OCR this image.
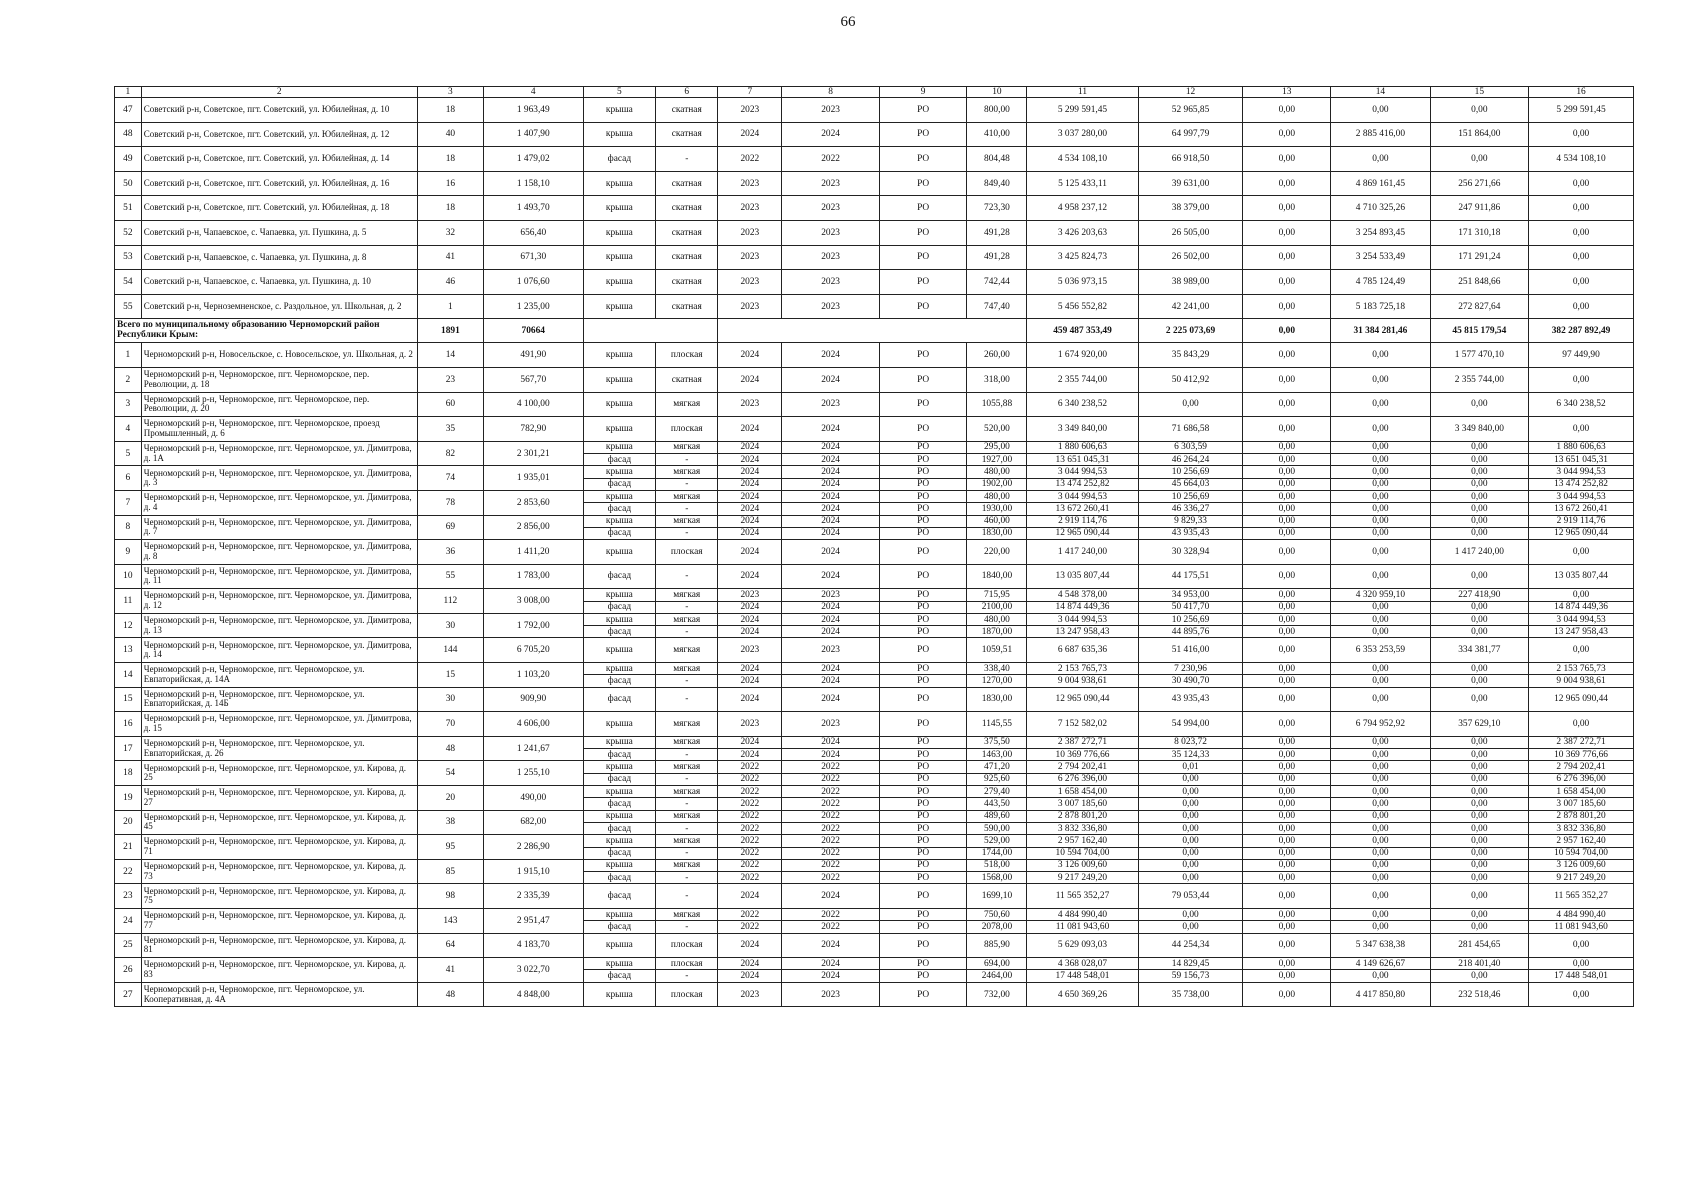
66
1	2	3	4	5	6	7	8	9	10	11	12	13	14	15	16
47	Советский р-н, Советское, пгт. Советский, ул. Юбилейная, д. 10	18	1 963,49	крыша	скатная	2023	2023	РО	800,00	5 299 591,45	52 965,85	0,00	0,00	0,00	5 299 591,45
48	Советский р-н, Советское, пгт. Советский, ул. Юбилейная, д. 12	40	1 407,90	крыша	скатная	2024	2024	РО	410,00	3 037 280,00	64 997,79	0,00	2 885 416,00	151 864,00	0,00
49	Советский р-н, Советское, пгт. Советский, ул. Юбилейная, д. 14	18	1 479,02	фасад	-	2022	2022	РО	804,48	4 534 108,10	66 918,50	0,00	0,00	0,00	4 534 108,10
50	Советский р-н, Советское, пгт. Советский, ул. Юбилейная, д. 16	16	1 158,10	крыша	скатная	2023	2023	РО	849,40	5 125 433,11	39 631,00	0,00	4 869 161,45	256 271,66	0,00
51	Советский р-н, Советское, пгт. Советский, ул. Юбилейная, д. 18	18	1 493,70	крыша	скатная	2023	2023	РО	723,30	4 958 237,12	38 379,00	0,00	4 710 325,26	247 911,86	0,00
52	Советский р-н, Чапаевское, с. Чапаевка, ул. Пушкина, д. 5	32	656,40	крыша	скатная	2023	2023	РО	491,28	3 426 203,63	26 505,00	0,00	3 254 893,45	171 310,18	0,00
53	Советский р-н, Чапаевское, с. Чапаевка, ул. Пушкина, д. 8	41	671,30	крыша	скатная	2023	2023	РО	491,28	3 425 824,73	26 502,00	0,00	3 254 533,49	171 291,24	0,00
54	Советский р-н, Чапаевское, с. Чапаевка, ул. Пушкина, д. 10	46	1 076,60	крыша	скатная	2023	2023	РО	742,44	5 036 973,15	38 989,00	0,00	4 785 124,49	251 848,66	0,00
55	Советский р-н, Черноземненское, с. Раздольное, ул. Школьная, д. 2	1	1 235,00	крыша	скатная	2023	2023	РО	747,40	5 456 552,82	42 241,00	0,00	5 183 725,18	272 827,64	0,00
Всего по муниципальному образованию Черноморский район Республики Крым:		1891	70664							459 487 353,49	2 225 073,69	0,00	31 384 281,46	45 815 179,54	382 287 892,49
1	Черноморский р-н, Новосельское, с. Новосельское, ул. Школьная, д. 2	14	491,90	крыша	плоская	2024	2024	РО	260,00	1 674 920,00	35 843,29	0,00	0,00	1 577 470,10	97 449,90
2	Черноморский р-н, Черноморское, пгт. Черноморское, пер. Революции, д. 18	23	567,70	крыша	скатная	2024	2024	РО	318,00	2 355 744,00	50 412,92	0,00	0,00	2 355 744,00	0,00
3	Черноморский р-н, Черноморское, пгт. Черноморское, пер. Революции, д. 20	60	4 100,00	крыша	мягкая	2023	2023	РО	1055,88	6 340 238,52	0,00	0,00	0,00	0,00	6 340 238,52
4	Черноморский р-н, Черноморское, пгт. Черноморское, проезд Промышленный, д. 6	35	782,90	крыша	плоская	2024	2024	РО	520,00	3 349 840,00	71 686,58	0,00	0,00	3 349 840,00	0,00
5	Черноморский р-н, Черноморское, пгт. Черноморское, ул. Димитрова, д. 1А	82	2 301,21	крыша	мягкая	2024	2024	РО	295,00	1 880 606,63	6 303,59	0,00	0,00	0,00	1 880 606,63
				фасад	-	2024	2024	РО	1927,00	13 651 045,31	46 264,24	0,00	0,00	0,00	13 651 045,31
6	Черноморский р-н, Черноморское, пгт. Черноморское, ул. Димитрова, д. 3	74	1 935,01	крыша	мягкая	2024	2024	РО	480,00	3 044 994,53	10 256,69	0,00	0,00	0,00	3 044 994,53
				фасад	-	2024	2024	РО	1902,00	13 474 252,82	45 664,03	0,00	0,00	0,00	13 474 252,82
7	Черноморский р-н, Черноморское, пгт. Черноморское, ул. Димитрова, д. 4	78	2 853,60	крыша	мягкая	2024	2024	РО	480,00	3 044 994,53	10 256,69	0,00	0,00	0,00	3 044 994,53
				фасад	-	2024	2024	РО	1930,00	13 672 260,41	46 336,27	0,00	0,00	0,00	13 672 260,41
8	Черноморский р-н, Черноморское, пгт. Черноморское, ул. Димитрова, д. 7	69	2 856,00	крыша	мягкая	2024	2024	РО	460,00	2 919 114,76	9 829,33	0,00	0,00	0,00	2 919 114,76
				фасад	-	2024	2024	РО	1830,00	12 965 090,44	43 935,43	0,00	0,00	0,00	12 965 090,44
9	Черноморский р-н, Черноморское, пгт. Черноморское, ул. Димитрова, д. 8	36	1 411,20	крыша	плоская	2024	2024	РО	220,00	1 417 240,00	30 328,94	0,00	0,00	1 417 240,00	0,00
10	Черноморский р-н, Черноморское, пгт. Черноморское, ул. Димитрова, д. 11	55	1 783,00	фасад	-	2024	2024	РО	1840,00	13 035 807,44	44 175,51	0,00	0,00	0,00	13 035 807,44
11	Черноморский р-н, Черноморское, пгт. Черноморское, ул. Димитрова, д. 12	112	3 008,00	крыша	мягкая	2023	2023	РО	715,95	4 548 378,00	34 953,00	0,00	4 320 959,10	227 418,90	0,00
				фасад	-	2024	2024	РО	2100,00	14 874 449,36	50 417,70	0,00	0,00	0,00	14 874 449,36
12	Черноморский р-н, Черноморское, пгт. Черноморское, ул. Димитрова, д. 13	30	1 792,00	крыша	мягкая	2024	2024	РО	480,00	3 044 994,53	10 256,69	0,00	0,00	0,00	3 044 994,53
				фасад	-	2024	2024	РО	1870,00	13 247 958,43	44 895,76	0,00	0,00	0,00	13 247 958,43
13	Черноморский р-н, Черноморское, пгт. Черноморское, ул. Димитрова, д. 14	144	6 705,20	крыша	мягкая	2023	2023	РО	1059,51	6 687 635,36	51 416,00	0,00	6 353 253,59	334 381,77	0,00
14	Черноморский р-н, Черноморское, пгт. Черноморское, ул. Евпаторийская, д. 14А	15	1 103,20	крыша	мягкая	2024	2024	РО	338,40	2 153 765,73	7 230,96	0,00	0,00	0,00	2 153 765,73
				фасад	-	2024	2024	РО	1270,00	9 004 938,61	30 490,70	0,00	0,00	0,00	9 004 938,61
15	Черноморский р-н, Черноморское, пгт. Черноморское, ул. Евпаторийская, д. 14Б	30	909,90	фасад	-	2024	2024	РО	1830,00	12 965 090,44	43 935,43	0,00	0,00	0,00	12 965 090,44
16	Черноморский р-н, Черноморское, пгт. Черноморское, ул. Димитрова, д. 15	70	4 606,00	крыша	мягкая	2023	2023	РО	1145,55	7 152 582,02	54 994,00	0,00	6 794 952,92	357 629,10	0,00
17	Черноморский р-н, Черноморское, пгт. Черноморское, ул. Евпаторийская, д. 26	48	1 241,67	крыша	мягкая	2024	2024	РО	375,50	2 387 272,71	8 023,72	0,00	0,00	0,00	2 387 272,71
				фасад	-	2024	2024	РО	1463,00	10 369 776,66	35 124,33	0,00	0,00	0,00	10 369 776,66
18	Черноморский р-н, Черноморское, пгт. Черноморское, ул. Кирова, д. 25	54	1 255,10	крыша	мягкая	2022	2022	РО	471,20	2 794 202,41	0,01	0,00	0,00	0,00	2 794 202,41
				фасад	-	2022	2022	РО	925,60	6 276 396,00	0,00	0,00	0,00	0,00	6 276 396,00
19	Черноморский р-н, Черноморское, пгт. Черноморское, ул. Кирова, д. 27	20	490,00	крыша	мягкая	2022	2022	РО	279,40	1 658 454,00	0,00	0,00	0,00	0,00	1 658 454,00
				фасад	-	2022	2022	РО	443,50	3 007 185,60	0,00	0,00	0,00	0,00	3 007 185,60
20	Черноморский р-н, Черноморское, пгт. Черноморское, ул. Кирова, д. 45	38	682,00	крыша	мягкая	2022	2022	РО	489,60	2 878 801,20	0,00	0,00	0,00	0,00	2 878 801,20
				фасад	-	2022	2022	РО	590,00	3 832 336,80	0,00	0,00	0,00	0,00	3 832 336,80
21	Черноморский р-н, Черноморское, пгт. Черноморское, ул. Кирова, д. 71	95	2 286,90	крыша	мягкая	2022	2022	РО	529,00	2 957 162,40	0,00	0,00	0,00	0,00	2 957 162,40
				фасад	-	2022	2022	РО	1744,00	10 594 704,00	0,00	0,00	0,00	0,00	10 594 704,00
22	Черноморский р-н, Черноморское, пгт. Черноморское, ул. Кирова, д. 73	85	1 915,10	крыша	мягкая	2022	2022	РО	518,00	3 126 009,60	0,00	0,00	0,00	0,00	3 126 009,60
				фасад	-	2022	2022	РО	1568,00	9 217 249,20	0,00	0,00	0,00	0,00	9 217 249,20
23	Черноморский р-н, Черноморское, пгт. Черноморское, ул. Кирова, д. 75	98	2 335,39	фасад	-	2024	2024	РО	1699,10	11 565 352,27	79 053,44	0,00	0,00	0,00	11 565 352,27
24	Черноморский р-н, Черноморское, пгт. Черноморское, ул. Кирова, д. 77	143	2 951,47	крыша	мягкая	2022	2022	РО	750,60	4 484 990,40	0,00	0,00	0,00	0,00	4 484 990,40
				фасад	-	2022	2022	РО	2078,00	11 081 943,60	0,00	0,00	0,00	0,00	11 081 943,60
25	Черноморский р-н, Черноморское, пгт. Черноморское, ул. Кирова, д. 81	64	4 183,70	крыша	плоская	2024	2024	РО	885,90	5 629 093,03	44 254,34	0,00	5 347 638,38	281 454,65	0,00
26	Черноморский р-н, Черноморское, пгт. Черноморское, ул. Кирова, д. 83	41	3 022,70	крыша	плоская	2024	2024	РО	694,00	4 368 028,07	14 829,45	0,00	4 149 626,67	218 401,40	0,00
				фасад	-	2024	2024	РО	2464,00	17 448 548,01	59 156,73	0,00	0,00	0,00	17 448 548,01
27	Черноморский р-н, Черноморское, пгт. Черноморское, ул. Кооперативная, д. 4А	48	4 848,00	крыша	плоская	2023	2023	РО	732,00	4 650 369,26	35 738,00	0,00	4 417 850,80	232 518,46	0,00
